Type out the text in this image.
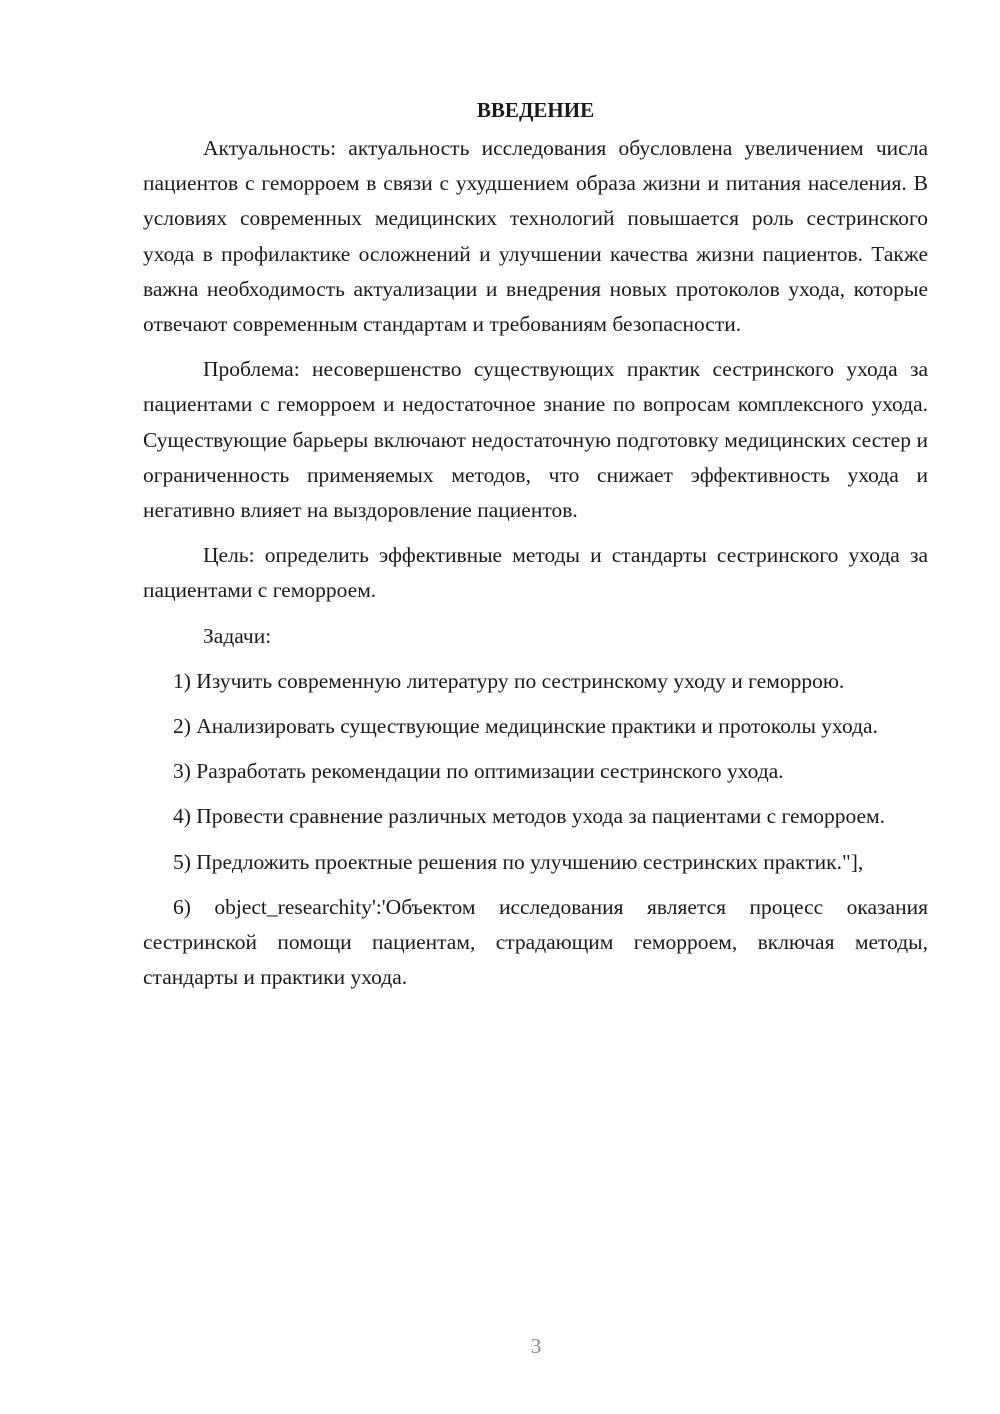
ВВЕДЕНИЕ

Актуальность: актуальность исследования обусловлена увеличением числа пациентов с геморроем в связи с ухудшением образа жизни и питания населения. В условиях современных медицинских технологий повышается роль сестринского ухода в профилактике осложнений и улучшении качества жизни пациентов. Также важна необходимость актуализации и внедрения новых протоколов ухода, которые отвечают современным стандартам и требованиям безопасности.

Проблема: несовершенство существующих практик сестринского ухода за пациентами с геморроем и недостаточное знание по вопросам комплексного ухода. Существующие барьеры включают недостаточную подготовку медицинских сестер и ограниченность применяемых методов, что снижает эффективность ухода и негативно влияет на выздоровление пациентов.

Цель: определить эффективные методы и стандарты сестринского ухода за пациентами с геморроем.

Задачи:

1) Изучить современную литературу по сестринскому уходу и геморрою.

2) Анализировать существующие медицинские практики и протоколы ухода.

3) Разработать рекомендации по оптимизации сестринского ухода.

4) Провести сравнение различных методов ухода за пациентами с геморроем.

5) Предложить проектные решения по улучшению сестринских практик."],

6) object_researchity':'Объектом исследования является процесс оказания сестринской помощи пациентам, страдающим геморроем, включая методы, стандарты и практики ухода.

3
